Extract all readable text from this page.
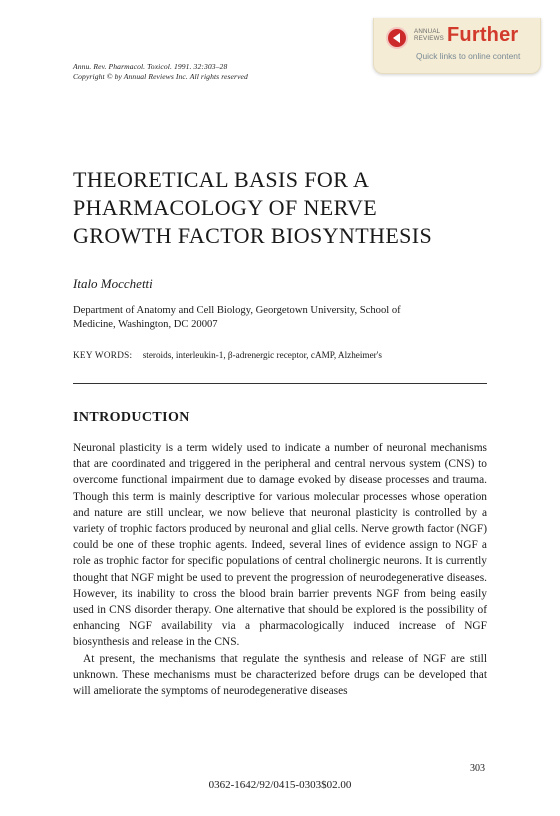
Annu. Rev. Pharmacol. Toxicol. 1991. 32:303–28
Copyright © by Annual Reviews Inc. All rights reserved
ANNUAL
REVIEWS Further
Quick links to online content
THEORETICAL BASIS FOR A
PHARMACOLOGY OF NERVE
GROWTH FACTOR BIOSYNTHESIS
Italo Mocchetti
Department of Anatomy and Cell Biology, Georgetown University, School of
Medicine, Washington, DC 20007
KEY WORDS: steroids, interleukin-1, β-adrenergic receptor, cAMP, Alzheimer's
INTRODUCTION

Neuronal plasticity is a term widely used to indicate a number of neuronal mechanisms that are coordinated and triggered in the peripheral and central nervous system (CNS) to overcome functional impairment due to damage evoked by disease processes and trauma. Though this term is mainly descriptive for various molecular processes whose operation and nature are still unclear, we now believe that neuronal plasticity is controlled by a variety of trophic factors produced by neuronal and glial cells. Nerve growth factor (NGF) could be one of these trophic agents. Indeed, several lines of evidence assign to NGF a role as trophic factor for specific populations of central cholinergic neurons. It is currently thought that NGF might be used to prevent the progression of neurodegenerative diseases. However, its inability to cross the blood brain barrier prevents NGF from being easily used in CNS disorder therapy. One alternative that should be explored is the possibility of enhancing NGF availability via a pharmacologically induced increase of NGF biosynthesis and release in the CNS.

At present, the mechanisms that regulate the synthesis and release of NGF are still unknown. These mechanisms must be characterized before drugs can be developed that will ameliorate the symptoms of neurodegenerative diseases

303
0362-1642/92/0415-0303$02.00
